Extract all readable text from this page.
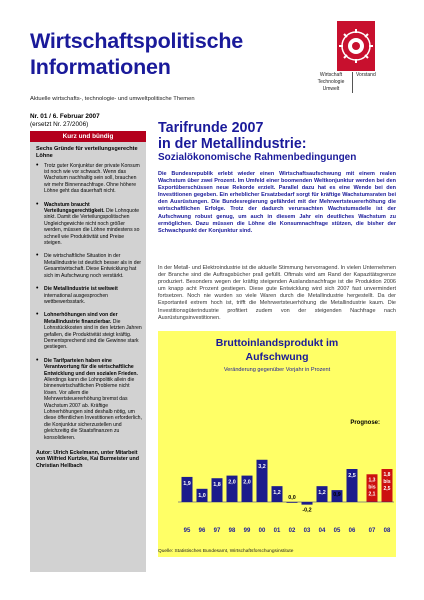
Wirtschaftspolitische
Informationen
Aktuelle wirtschafts-, technologie- und umweltpolitische Themen
Wirtschaft
Technologie
Umwelt
Vorstand
Nr. 01 / 6. Februar 2007
(ersetzt Nr. 27/2006)
Kurz und bündig
Sechs Gründe für verteilungsgerechte Löhne
• Trotz guter Konjunktur der private Konsum ist noch wie vor schwach. Wenn das Wachstum nachhaltig sein soll, brauchen wir mehr Binnennachfrage. Ohne höhere Löhne geht das dauerhaft nicht.
• Wachstum braucht Verteilungsgerechtigkeit. Die Lohnquote sinkt. Damit die Verteilungspolitischen Ungleichgewichte nicht noch größer werden, müssen die Löhne mindestens so schnell wie Produktivität und Preise steigen.
• Die wirtschaftliche Situation in der Metallindustrie ist deutlich besser als in der Gesamtwirtschaft. Diese Entwicklung hat sich im Aufschwung noch verstärkt.
• Die Metallindustrie ist weltweit international ausgesprochen wettbewerbsstark.
• Lohnerhöhungen sind von der Metallindustrie finanzierbar. Die Lohnstückkosten sind in den letzten Jahren gefallen, die Produktivität steigt kräftig. Dementsprechend sind die Gewinne stark gestiegen.
• Die Tarifparteien haben eine Verantwortung für die wirtschaftliche Entwicklung und den sozialen Frieden. Allerdings kann die Lohnpolitik allein die binnenwirtschaftlichen Probleme nicht lösen. Vor allem die Mehrwertsteuererhöhung bremst das Wachstum 2007 ab. Kräftige Lohnerhöhungen sind deshalb nötig, um diese öffentlichen Investitionen erforderlich, die Konjunktur sicherzustellen und gleichzeitig die Staatsfinanzen zu konsolidieren.
Autor: Ulrich Eckelmann, unter Mitarbeit von Wilfried Kurtzke, Kai Burmeister und Christian Hellbach
Tarifrunde 2007
in der Metallindustrie:
Sozialökonomische Rahmenbedingungen
Die Bundesrepublik erlebt wieder einen Wirtschaftsaufschwung mit einem realen Wachstum über zwei Prozent. Im Umfeld einer boomenden Weltkonjunktur werden bei den Exportüberschüssen neue Rekorde erzielt. Parallel dazu hat es eine Wende bei den Investitionen gegeben. Ein erheblicher Ersatzbedarf sorgt für kräftige Wachstumsraten bei den Ausrüstungen. Die Bundesregierung gefährdet mit der Mehrwertsteuererhöhung die wirtschaftlichen Erfolge. Trotz der dadurch verursachten Wachstumsdelle ist der Aufschwung robust genug, um auch in diesem Jahr ein deutliches Wachstum zu ermöglichen. Dazu müssen die Löhne die Konsumnachfrage stützen, die bisher der Schwachpunkt der Konjunktur sind.
In der Metall- und Elektroindustrie ist die aktuelle Stimmung hervorragend. In vielen Unternehmen der Branche sind die Auftragsbücher prall gefüllt. Oftmals wird am Rand der Kapazitätsgrenze produziert. Besonders wegen der kräftig steigenden Auslandsnachfrage ist die Produktion 2006 um knapp acht Prozent gestiegen. Diese gute Entwicklung wird sich 2007 fast unvermindert fortsetzen. Noch nie wurden so viele Waren durch die Metallindustrie hergestellt. Da der Exportanteil extrem hoch ist, trifft die Mehrwertsteuerhöhung die Metallindustrie kaum. Die Investitionsgüterindustrie profitiert zudem von der steigenden Nachfrage nach Ausrüstungsinvestitionen.
Bruttoinlandsprodukt im
Aufschwung
Veränderung gegenüber Vorjahr in Prozent
Prognose:
1,9
95
1,0
96
1,8
97
2,0
98
2,0
99
3,2
00
1,2
01
0,0
02
-0,2
03
1,2
04
0,9
05
2,5
06 07 08
1,3
bis
2,1
1,8
bis
2,5
Quelle: Statistisches Bundesamt, Wirtschaftsforschungsinstitute
